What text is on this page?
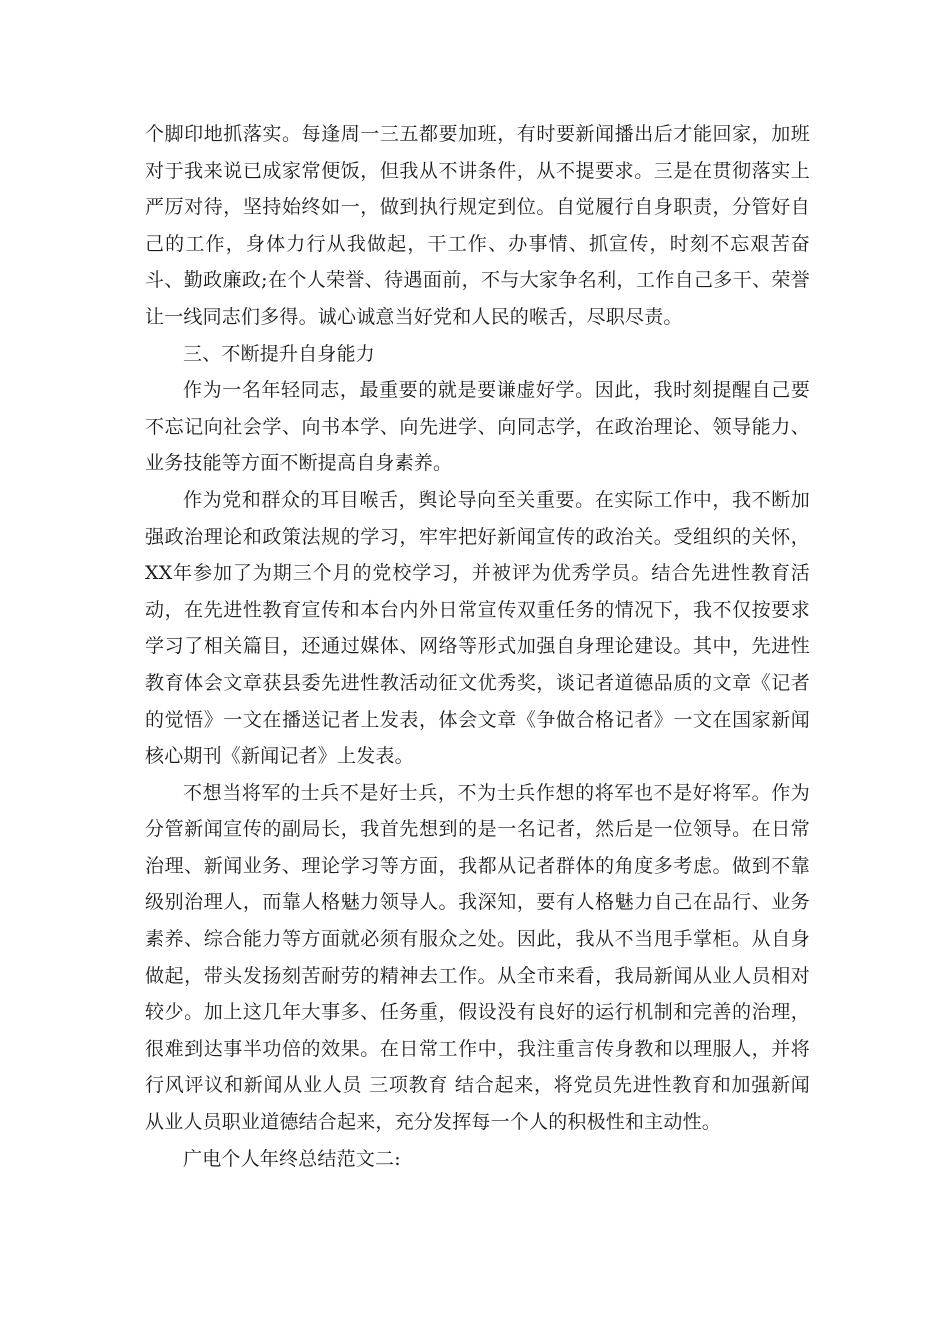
个脚印地抓落实。每逢周一三五都要加班，有时要新闻播出后才能回家，加班对于我来说已成家常便饭，但我从不讲条件，从不提要求。三是在贯彻落实上严厉对待，坚持始终如一，做到执行规定到位。自觉履行自身职责，分管好自己的工作，身体力行从我做起，干工作、办事情、抓宣传，时刻不忘艰苦奋斗、勤政廉政;在个人荣誉、待遇面前，不与大家争名利，工作自己多干、荣誉让一线同志们多得。诚心诚意当好党和人民的喉舌，尽职尽责。

三、不断提升自身能力

作为一名年轻同志，最重要的就是要谦虚好学。因此，我时刻提醒自己要不忘记向社会学、向书本学、向先进学、向同志学，在政治理论、领导能力、业务技能等方面不断提高自身素养。

作为党和群众的耳目喉舌，舆论导向至关重要。在实际工作中，我不断加强政治理论和政策法规的学习，牢牢把好新闻宣传的政治关。受组织的关怀，XX年参加了为期三个月的党校学习，并被评为优秀学员。结合先进性教育活动，在先进性教育宣传和本台内外日常宣传双重任务的情况下，我不仅按要求学习了相关篇目，还通过媒体、网络等形式加强自身理论建设。其中，先进性教育体会文章获县委先进性教活动征文优秀奖，谈记者道德品质的文章《记者的觉悟》一文在播送记者上发表，体会文章《争做合格记者》一文在国家新闻核心期刊《新闻记者》上发表。

不想当将军的士兵不是好士兵，不为士兵作想的将军也不是好将军。作为分管新闻宣传的副局长，我首先想到的是一名记者，然后是一位领导。在日常治理、新闻业务、理论学习等方面，我都从记者群体的角度多考虑。做到不靠级别治理人，而靠人格魅力领导人。我深知，要有人格魅力自己在品行、业务素养、综合能力等方面就必须有服众之处。因此，我从不当甩手掌柜。从自身做起，带头发扬刻苦耐劳的精神去工作。从全市来看，我局新闻从业人员相对较少。加上这几年大事多、任务重，假设没有良好的运行机制和完善的治理，很难到达事半功倍的效果。在日常工作中，我注重言传身教和以理服人，并将行风评议和新闻从业人员 三项教育 结合起来，将党员先进性教育和加强新闻从业人员职业道德结合起来，充分发挥每一个人的积极性和主动性。

广电个人年终总结范文二:
